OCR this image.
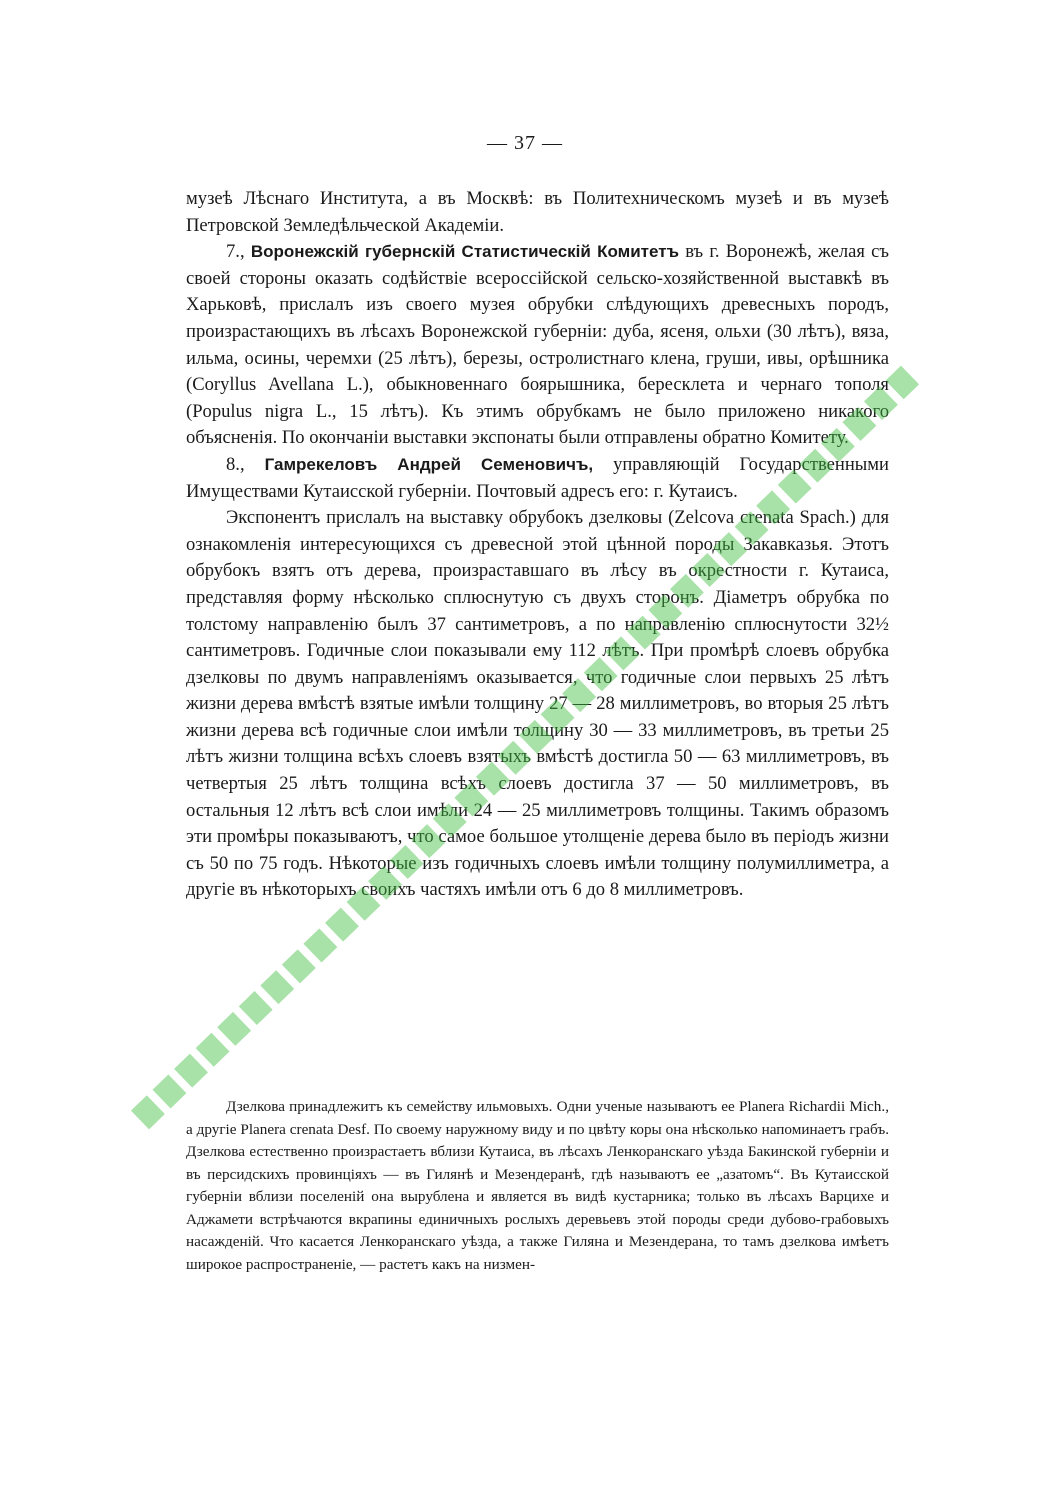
— 37 —

музеѣ Лѣснаго Института, а въ Москвѣ: въ Политехническомъ музеѣ и въ музеѣ Петровской Земледѣльческой Академіи.

7., Воронежскій губернскій Статистическій Комитетъ въ г. Воронежѣ, желая съ своей стороны оказать содѣйствіе всероссійской сельско-хозяйственной выставкѣ въ Харьковѣ, прислалъ изъ своего музея обрубки слѣдующихъ древесныхъ породъ, произрастающихъ въ лѣсахъ Воронежской губерніи: дуба, ясеня, ольхи (30 лѣтъ), вяза, ильма, осины, черемхи (25 лѣтъ), березы, остролистнаго клена, груши, ивы, орѣшника (Coryllus Avellana L.), обыкновеннаго боярышника, бересклета и чернаго тополя (Populus nigra L., 15 лѣтъ). Къ этимъ обрубкамъ не было приложено никакого объясненія. По окончаніи выставки экспонаты были отправлены обратно Комитету.

8., Гамрекеловъ Андрей Семеновичъ, управляющій Государственными Имуществами Кутаисской губерніи. Почтовый адресъ его: г. Кутаисъ.

Экспонентъ прислалъ на выставку обрубокъ дзелковы (Zelcova crenata Spach.) для ознакомленія интересующихся съ древесной этой цѣнной породы Закавказья. Этотъ обрубокъ взятъ отъ дерева, произраставшаго въ лѣсу въ окрестности г. Кутаиса, представляя форму нѣсколько сплюснутую съ двухъ сторонъ. Діаметръ обрубка по толстому направленію былъ 37 сантиметровъ, а по направленію сплюснутости 32½ сантиметровъ. Годичные слои показывали ему 112 лѣтъ. При промѣрѣ слоевъ обрубка дзелковы по двумъ направленіямъ оказывается, что годичные слои первыхъ 25 лѣтъ жизни дерева вмѣстѣ взятые имѣли толщину 27 — 28 миллиметровъ, во вторыя 25 лѣтъ жизни дерева всѣ годичные слои имѣли толщину 30 — 33 миллиметровъ, въ третьи 25 лѣтъ жизни толщина всѣхъ слоевъ взятыхъ вмѣстѣ достигла 50 — 63 миллиметровъ, въ четвертыя 25 лѣтъ толщина всѣхъ слоевъ достигла 37 — 50 миллиметровъ, въ остальныя 12 лѣтъ всѣ слои имѣли 24 — 25 миллиметровъ толщины. Такимъ образомъ эти промѣры показываютъ, что самое большое утолщеніе дерева было въ періодъ жизни съ 50 по 75 годъ. Нѣкоторые изъ годичныхъ слоевъ имѣли толщину полумиллиметра, а другіе въ нѣкоторыхъ своихъ частяхъ имѣли отъ 6 до 8 миллиметровъ.

Дзелкова принадлежитъ къ семейству ильмовыхъ. Одни ученые называютъ ее Planera Richardii Mich., а другіе Planera crenata Desf. По своему наружному виду и по цвѣту коры она нѣсколько напоминаетъ грабъ. Дзелкова естественно произрастаетъ вблизи Кутаиса, въ лѣсахъ Ленкоранскаго уѣзда Бакинской губерніи и въ персидскихъ провинціяхъ — въ Гилянѣ и Мезендеранѣ, гдѣ называютъ ее „азатомъ“. Въ Кутаисской губерніи вблизи поселеній она вырублена и является въ видѣ кустарника; только въ лѣсахъ Варцихе и Аджамети встрѣчаются вкрапины единичныхъ рослыхъ деревьевъ этой породы среди дубово-грабовыхъ насажденій. Что касается Ленкоранскаго уѣзда, а также Гиляна и Мезендерана, то тамъ дзелкова имѣетъ широкое распространеніе, — растетъ какъ на низмен-
